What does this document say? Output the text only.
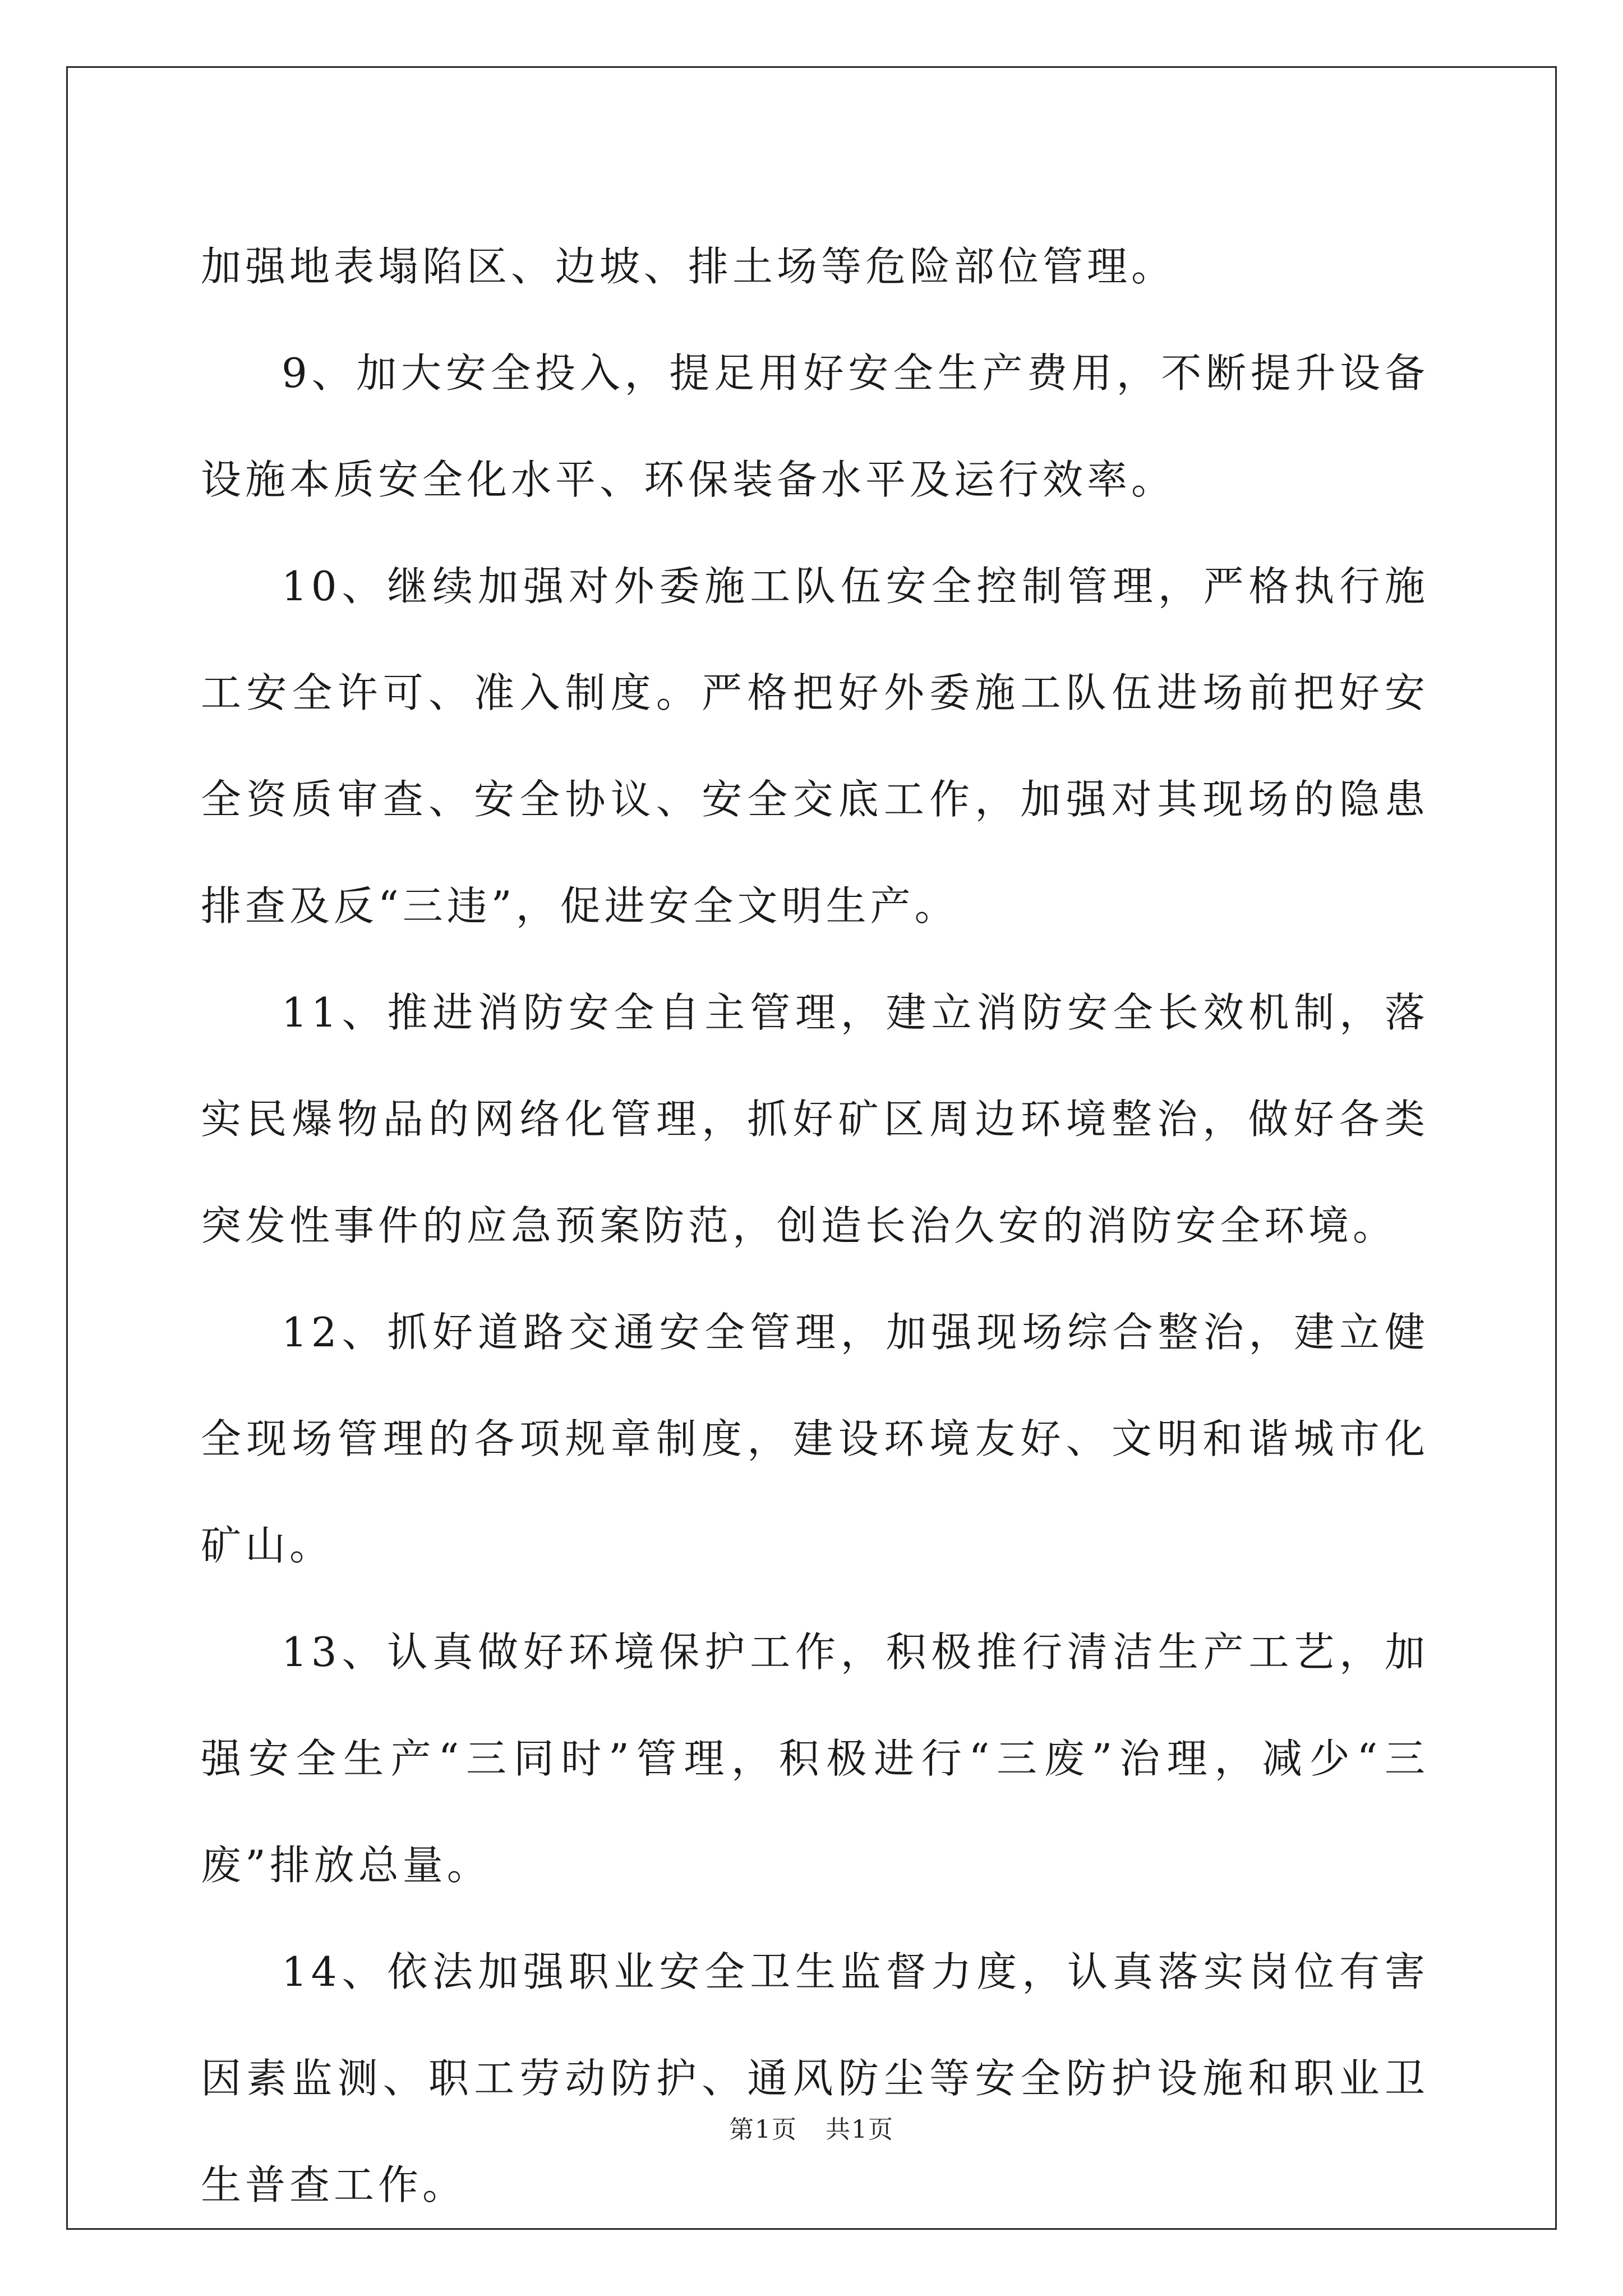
加强地表塌陷区、边坡、排土场等危险部位管理。

9、加大安全投入，提足用好安全生产费用，不断提升设备设施本质安全化水平、环保装备水平及运行效率。

10、继续加强对外委施工队伍安全控制管理，严格执行施工安全许可、准入制度。严格把好外委施工队伍进场前把好安全资质审查、安全协议、安全交底工作，加强对其现场的隐患排查及反“三违”，促进安全文明生产。

11、推进消防安全自主管理，建立消防安全长效机制，落实民爆物品的网络化管理，抓好矿区周边环境整治，做好各类突发性事件的应急预案防范，创造长治久安的消防安全环境。

12、抓好道路交通安全管理，加强现场综合整治，建立健全现场管理的各项规章制度，建设环境友好、文明和谐城市化矿山。

13、认真做好环境保护工作，积极推行清洁生产工艺，加强安全生产“三同时”管理，积极进行“三废”治理，减少“三废”排放总量。

14、依法加强职业安全卫生监督力度，认真落实岗位有害因素监测、职工劳动防护、通风防尘等安全防护设施和职业卫生普查工作。

第1页 共1页
